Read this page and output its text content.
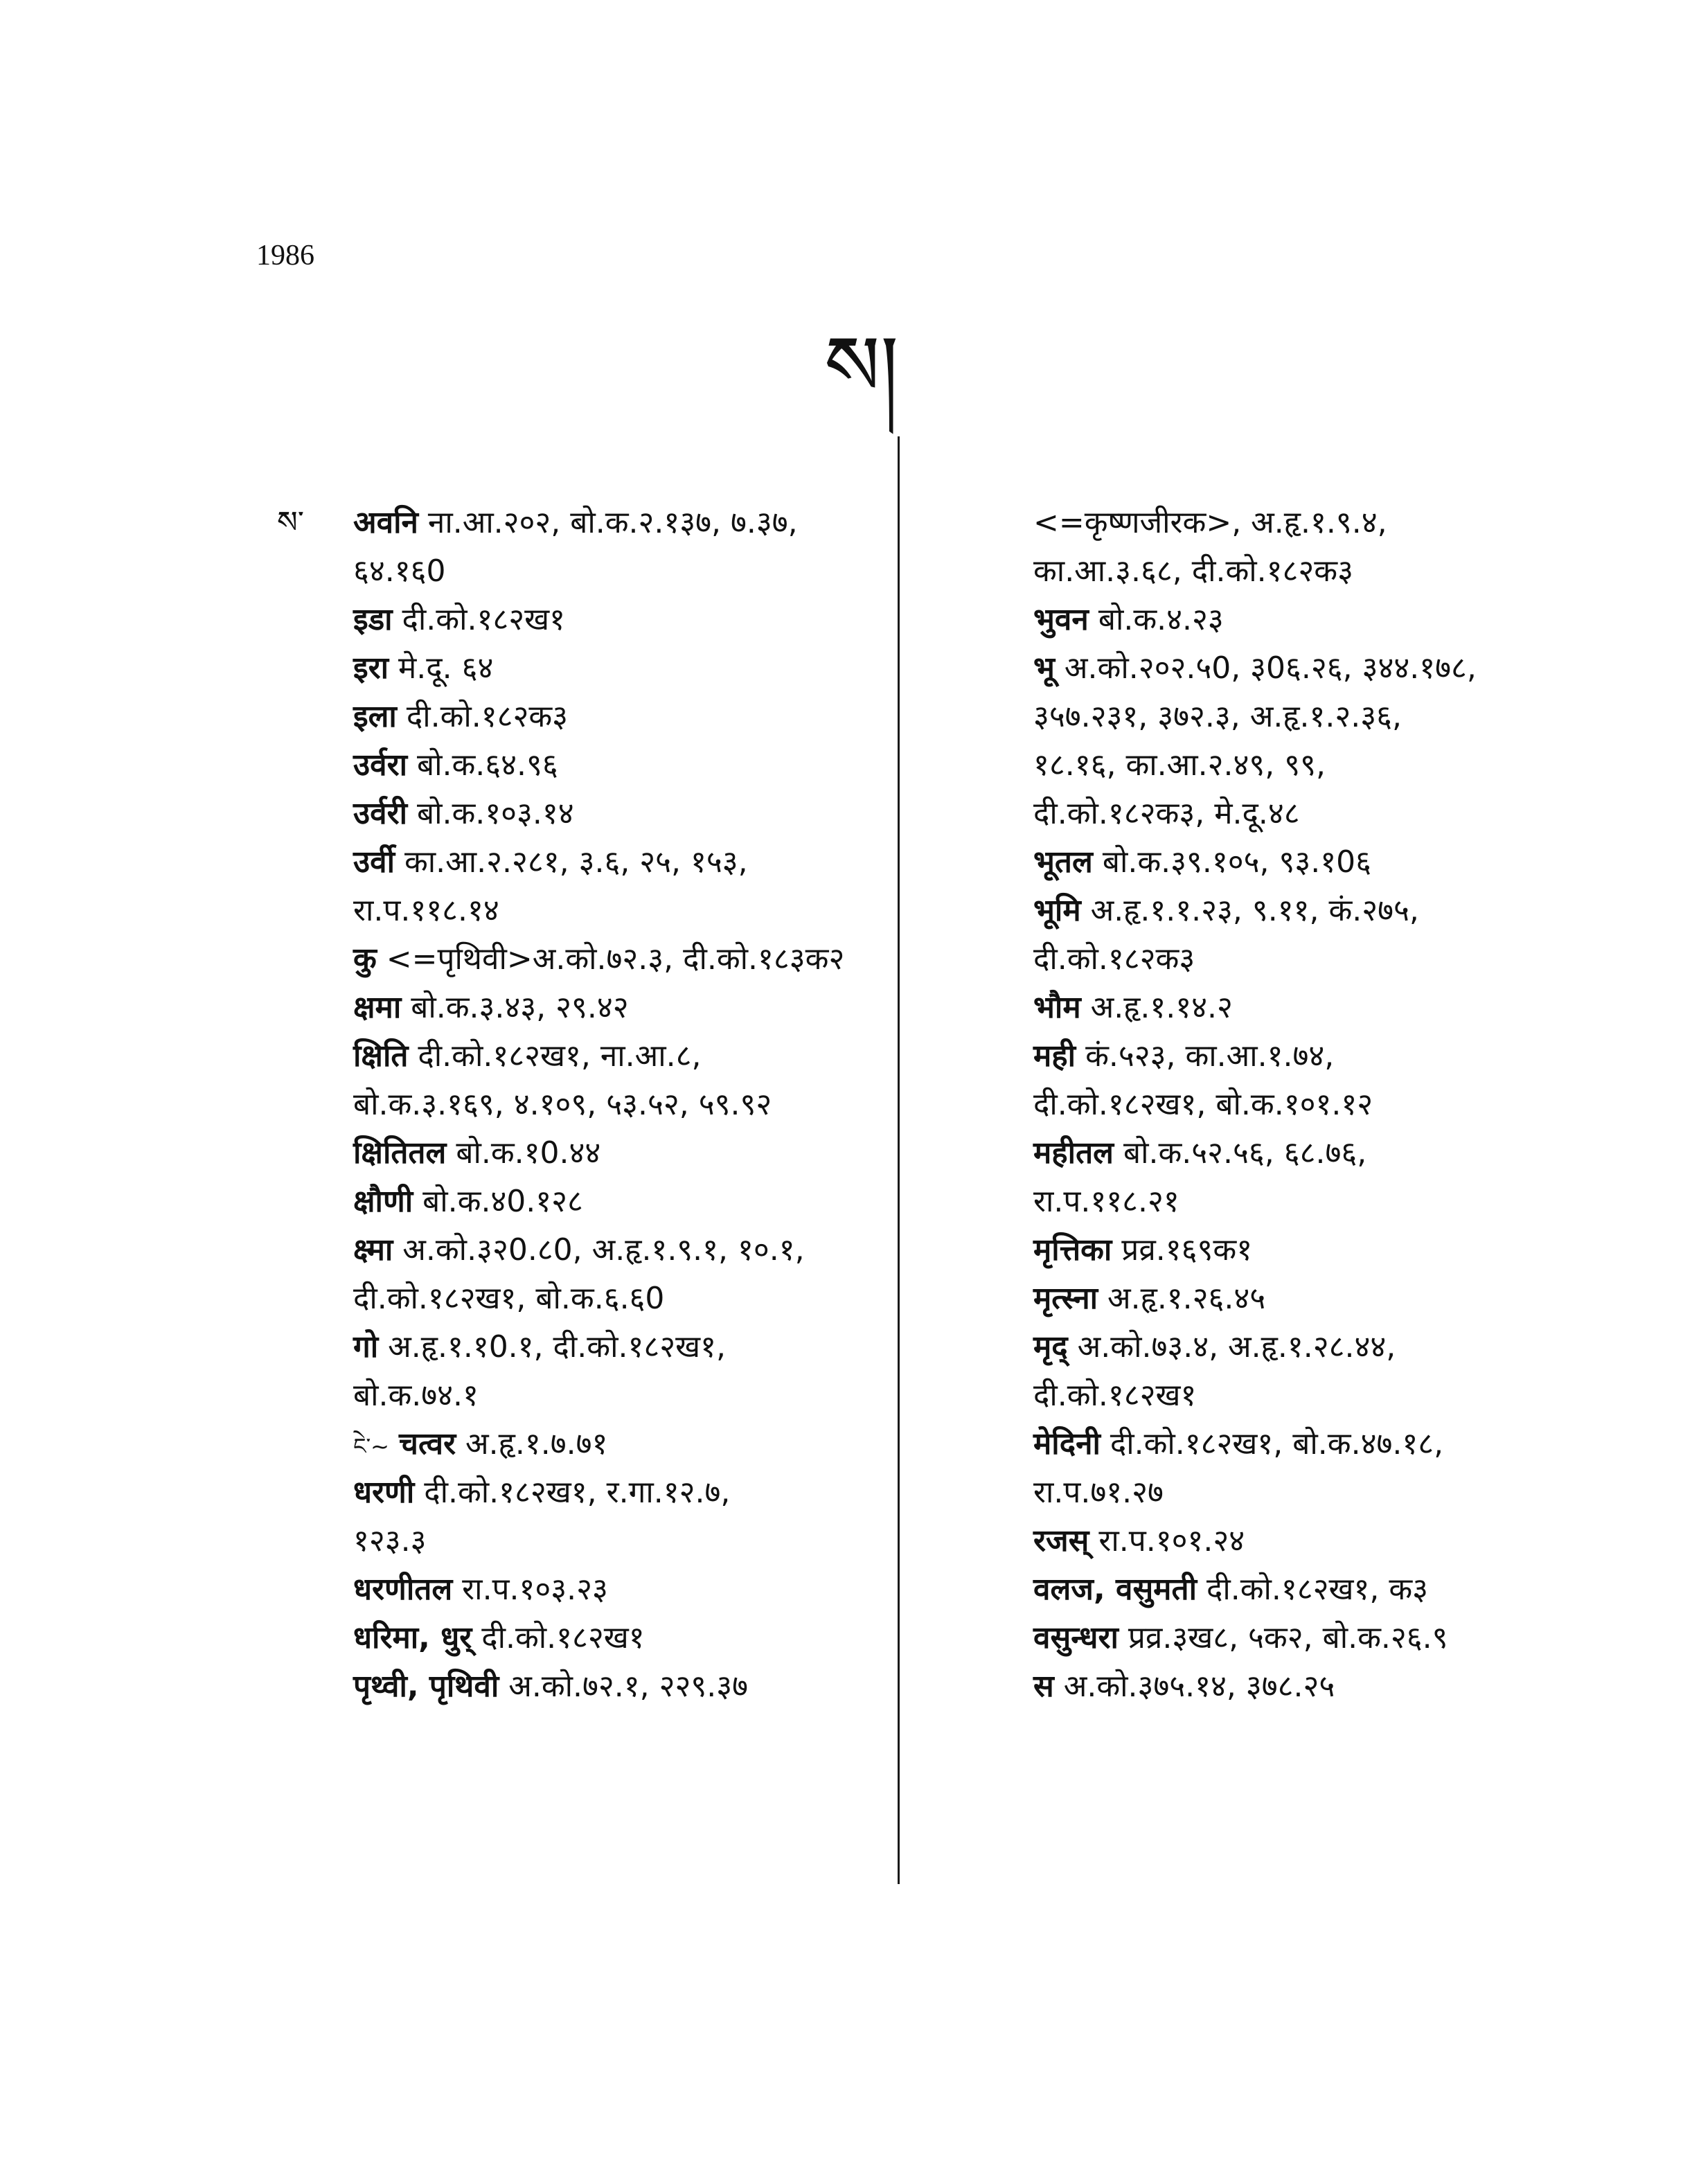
1986
ས།
ས་ अवनि ना.आ.२०२, बो.क.२.१३७, ७.३७,
६४.१६0
इडा दी.को.१८२ख१
इरा मे.दू. ६४
इला दी.को.१८२क३
उर्वरा बो.क.६४.९६
उर्वरी बो.क.१०३.१४
उर्वी का.आ.२.२८१, ३.६, २५, १५३,
रा.प.११८.१४
कु <=पृथिवी>अ.को.७२.३, दी.को.१८३क२
क्षमा बो.क.३.४३, २९.४२
क्षिति दी.को.१८२ख१, ना.आ.८,
बो.क.३.१६९, ४.१०९, ५३.५२, ५९.९२
क्षितितल बो.क.१0.४४
क्षौणी बो.क.४0.१२८
क्ष्मा अ.को.३२0.८0, अ.हृ.१.९.१, १०.१,
दी.को.१८२ख१, बो.क.६.६0
गो अ.हृ.१.१0.१, दी.को.१८२ख१,
बो.क.७४.१
ངེ་~ चत्वर अ.हृ.१.७.७१
धरणी दी.को.१८२ख१, र.गा.१२.७,
१२३.३
धरणीतल रा.प.१०३.२३
धरिमा, धुर् दी.को.१८२ख१
पृथ्वी, पृथिवी अ.को.७२.१, २२९.३७
<=कृष्णजीरक>, अ.हृ.१.९.४,
का.आ.३.६८, दी.को.१८२क३
भुवन बो.क.४.२३
भू अ.को.२०२.५0, ३0६.२६, ३४४.१७८,
३५७.२३१, ३७२.३, अ.हृ.१.२.३६,
१८.१६, का.आ.२.४९, ९९,
दी.को.१८२क३, मे.दू.४८
भूतल बो.क.३९.१०५, ९३.१0६
भूमि अ.हृ.१.१.२३, ९.११, कं.२७५,
दी.को.१८२क३
भौम अ.हृ.१.१४.२
मही कं.५२३, का.आ.१.७४,
दी.को.१८२ख१, बो.क.१०१.१२
महीतल बो.क.५२.५६, ६८.७६,
रा.प.११८.२१
मृत्तिका प्रव्र.१६९क१
मृत्स्ना अ.हृ.१.२६.४५
मृद् अ.को.७३.४, अ.हृ.१.२८.४४,
दी.को.१८२ख१
मेदिनी दी.को.१८२ख१, बो.क.४७.१८,
रा.प.७१.२७
रजस् रा.प.१०१.२४
वलज, वसुमती दी.को.१८२ख१, क३
वसुन्धरा प्रव्र.३ख८, ५क२, बो.क.२६.९
स अ.को.३७५.१४, ३७८.२५
